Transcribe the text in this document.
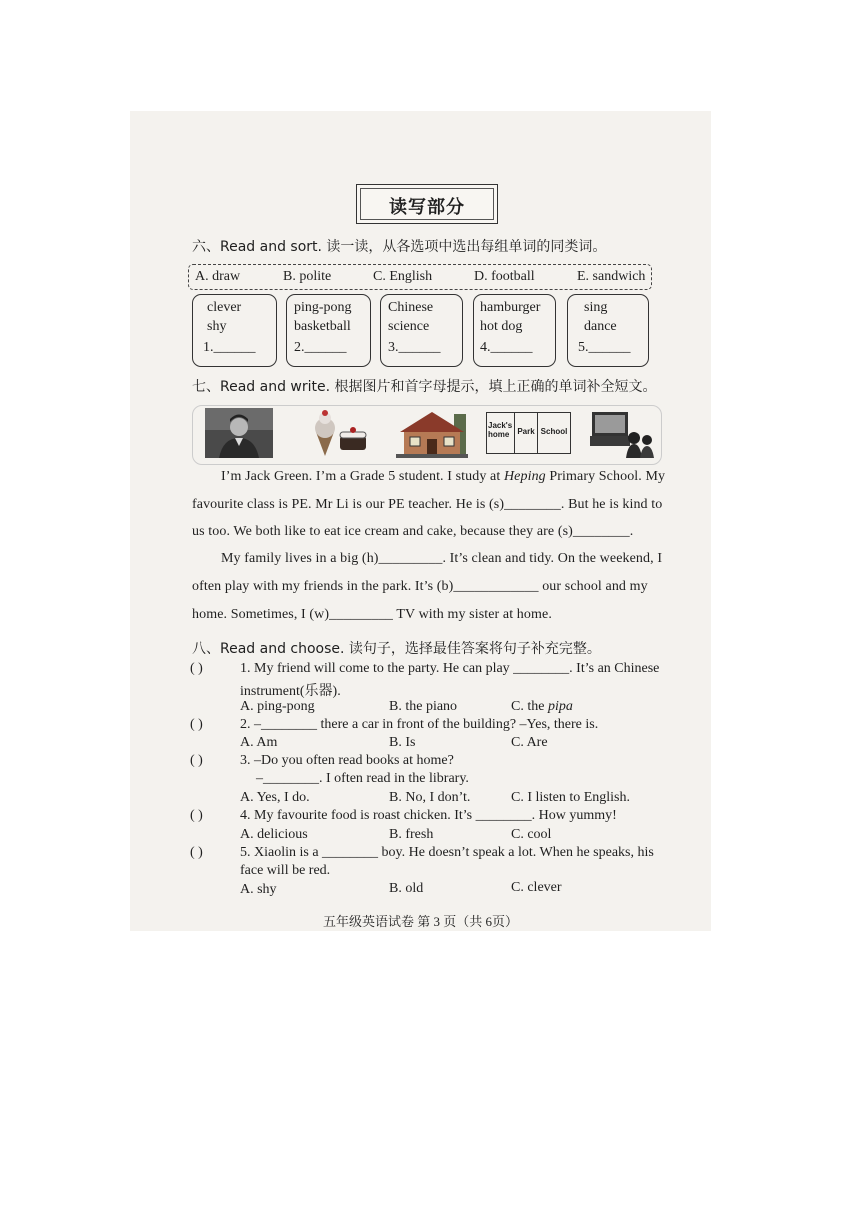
读写部分
六、Read and sort. 读一读，从各选项中选出每组单词的同类词。
A. draw	B. polite	C. English	D. football	E. sandwich
clever
shy
1.______
ping-pong
basketball
2.______
Chinese
science
3.______
hamburger
hot dog
4.______
sing
dance
5.______
七、Read and write. 根据图片和首字母提示，填上正确的单词补全短文。
Jack's home Park School
I’m Jack Green. I’m a Grade 5 student. I study at Heping Primary School. My
favourite class is PE. Mr Li is our PE teacher. He is (s)________. But he is kind to
us too. We both like to eat ice cream and cake, because they are (s)________.
My family lives in a big (h)_________. It’s clean and tidy. On the weekend, I
often play with my friends in the park. It’s (b)____________ our school and my
home. Sometimes, I (w)_________ TV with my sister at home.
八、Read and choose. 读句子，选择最佳答案将句子补充完整。
( )	1. My friend will come to the party. He can play ________. It’s an Chinese
instrument(乐器).
A. ping-pong	B. the piano	C. the pipa
( )	2. –________ there a car in front of the building? –Yes, there is.
A. Am	B. Is	C. Are
( )	3. –Do you often read books at home?
–________. I often read in the library.
A. Yes, I do.	B. No, I don’t.	C. I listen to English.
( )	4. My favourite food is roast chicken. It’s ________. How yummy!
A. delicious	B. fresh	C. cool
( )	5. Xiaolin is a ________ boy. He doesn’t speak a lot. When he speaks, his
face will be red.
A. shy	B. old	C. clever
五年级英语试卷 第 3 页（共 6页）
